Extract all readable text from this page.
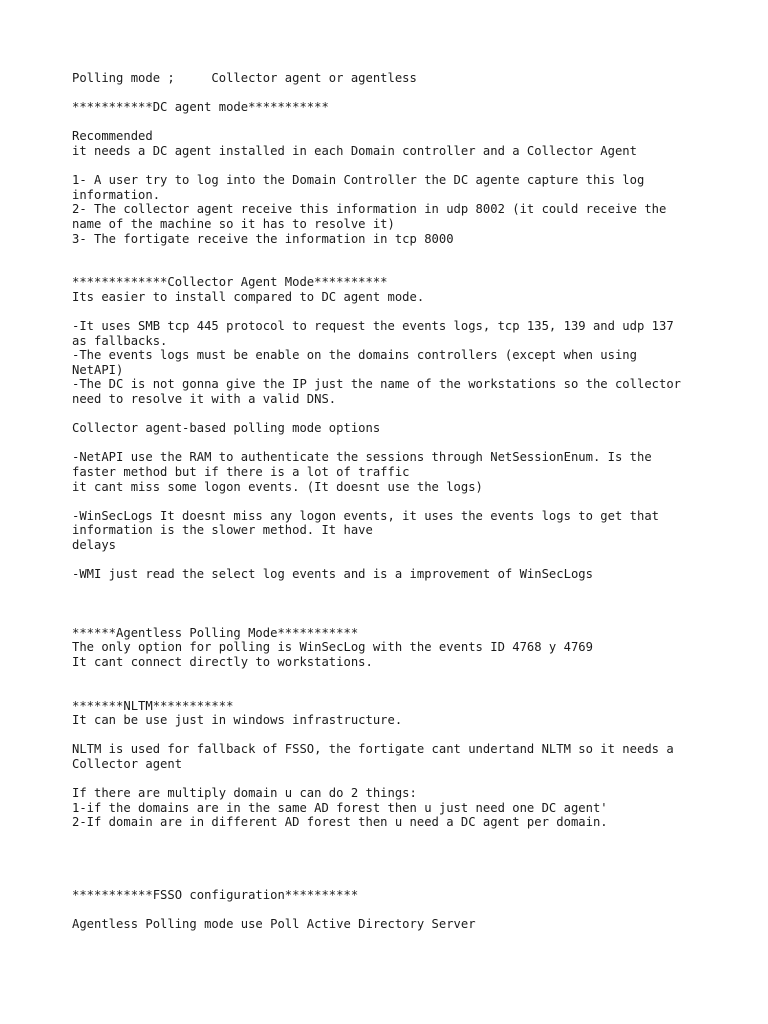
Polling mode ;     Collector agent or agentless
***********DC agent mode***********
Recommended
it needs a DC agent installed in each Domain controller and a Collector Agent
1- A user try to log into the Domain Controller the DC agente capture this log
information.
2- The collector agent receive this information in udp 8002 (it could receive the
name of the machine so it has to resolve it)
3- The fortigate receive the information in tcp 8000
*************Collector Agent Mode**********
Its easier to install compared to DC agent mode.
-It uses SMB tcp 445 protocol to request the events logs, tcp 135, 139 and udp 137
as fallbacks.
-The events logs must be enable on the domains controllers (except when using
NetAPI)
-The DC is not gonna give the IP just the name of the workstations so the collector
need to resolve it with a valid DNS.
Collector agent-based polling mode options
-NetAPI use the RAM to authenticate the sessions through NetSessionEnum. Is the
faster method but if there is a lot of traffic
it cant miss some logon events. (It doesnt use the logs)
-WinSecLogs It doesnt miss any logon events, it uses the events logs to get that
information is the slower method. It have
delays
-WMI just read the select log events and is a improvement of WinSecLogs
******Agentless Polling Mode***********
The only option for polling is WinSecLog with the events ID 4768 y 4769
It cant connect directly to workstations.
*******NLTM***********
It can be use just in windows infrastructure.
NLTM is used for fallback of FSSO, the fortigate cant undertand NLTM so it needs a
Collector agent
If there are multiply domain u can do 2 things:
1-if the domains are in the same AD forest then u just need one DC agent'
2-If domain are in different AD forest then u need a DC agent per domain.
***********FSSO configuration**********
Agentless Polling mode use Poll Active Directory Server
